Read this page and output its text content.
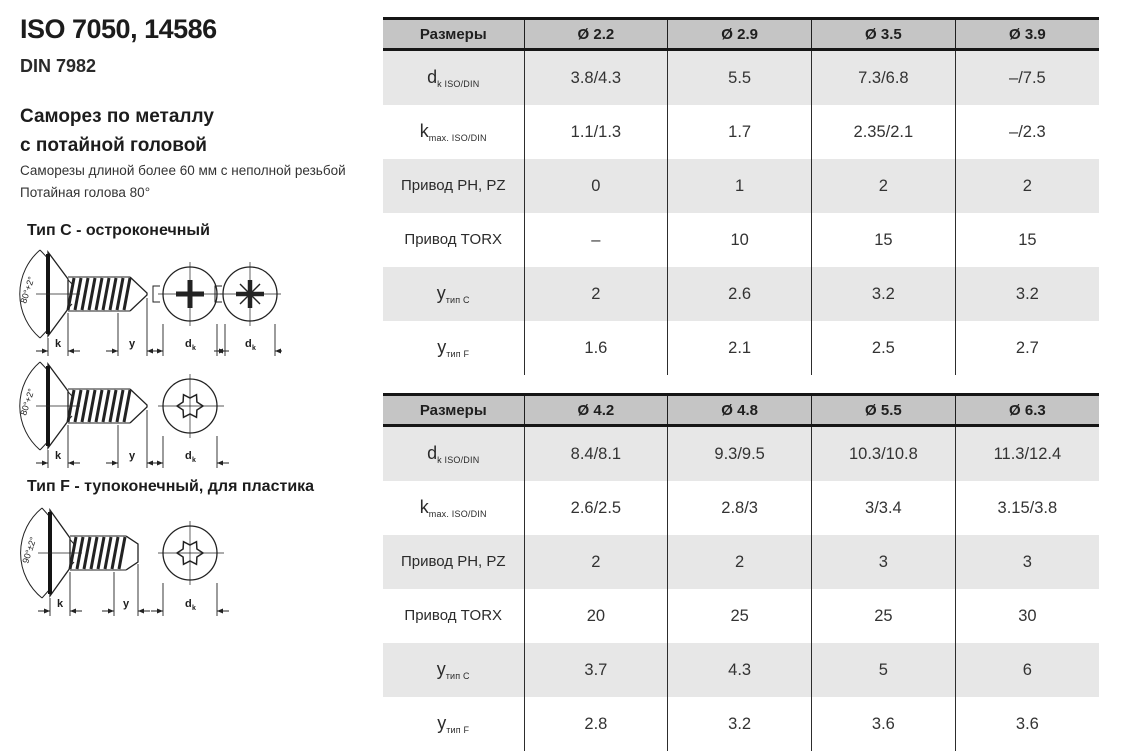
ISO 7050, 14586
DIN 7982
Саморез по металлу
с потайной головой
Саморезы длиной более 60 мм с неполной резьбой
Потайная голова 80°
Тип C - остроконечный
80°+2°
k	y	d k	d k
80°+2°
k	y	d k
Тип F - тупоконечный, для пластика
90°±2°
k	y	d k
Размеры	Ø 2.2	Ø 2.9	Ø 3.5	Ø 3.9
$d_{k ISO/DIN}$	3.8/4.3	5.5	7.3/6.8	–/7.5
$k_{max. ISO/DIN}$	1.1/1.3	1.7	2.35/2.1	–/2.3
Привод PH, PZ	0	1	2	2
Привод TORX	–	10	15	15
$y_{тип C}$	2	2.6	3.2	3.2
$y_{тип F}$	1.6	2.1	2.5	2.7
Размеры	Ø 4.2	Ø 4.8	Ø 5.5	Ø 6.3
$d_{k ISO/DIN}$	8.4/8.1	9.3/9.5	10.3/10.8	11.3/12.4
$k_{max. ISO/DIN}$	2.6/2.5	2.8/3	3/3.4	3.15/3.8
Привод PH, PZ	2	2	3	3
Привод TORX	20	25	25	30
$y_{тип C}$	3.7	4.3	5	6
$y_{тип F}$	2.8	3.2	3.6	3.6
